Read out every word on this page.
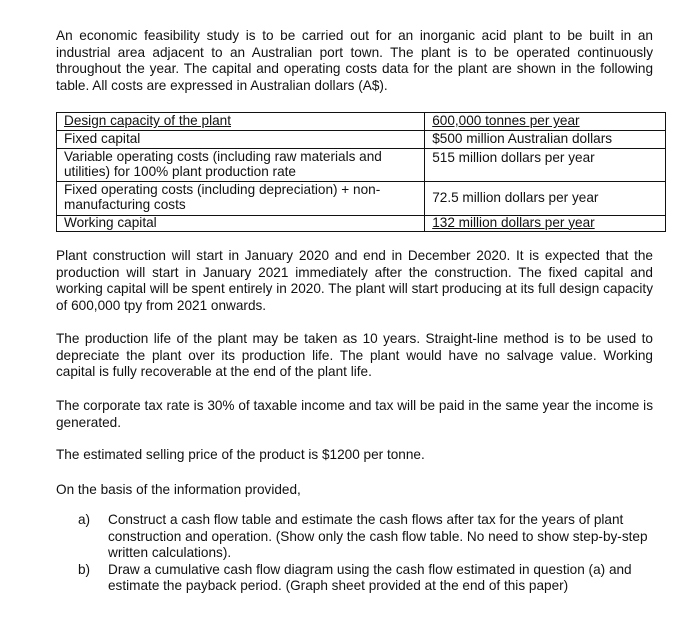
An economic feasibility study is to be carried out for an inorganic acid plant to be built in an industrial area adjacent to an Australian port town. The plant is to be operated continuously throughout the year. The capital and operating costs data for the plant are shown in the following table. All costs are expressed in Australian dollars (A$).

Design capacity of the plant	600,000 tonnes per year
Fixed capital	$500 million Australian dollars
Variable operating costs (including raw materials and utilities) for 100% plant production rate	515 million dollars per year
Fixed operating costs (including depreciation) + non-manufacturing costs	72.5 million dollars per year
Working capital	132 million dollars per year

Plant construction will start in January 2020 and end in December 2020. It is expected that the production will start in January 2021 immediately after the construction. The fixed capital and working capital will be spent entirely in 2020. The plant will start producing at its full design capacity of 600,000 tpy from 2021 onwards.

The production life of the plant may be taken as 10 years. Straight-line method is to be used to depreciate the plant over its production life. The plant would have no salvage value. Working capital is fully recoverable at the end of the plant life.

The corporate tax rate is 30% of taxable income and tax will be paid in the same year the income is generated.

The estimated selling price of the product is $1200 per tonne.

On the basis of the information provided,

a) Construct a cash flow table and estimate the cash flows after tax for the years of plant construction and operation. (Show only the cash flow table. No need to show step-by-step written calculations).
b) Draw a cumulative cash flow diagram using the cash flow estimated in question (a) and estimate the payback period. (Graph sheet provided at the end of this paper)
